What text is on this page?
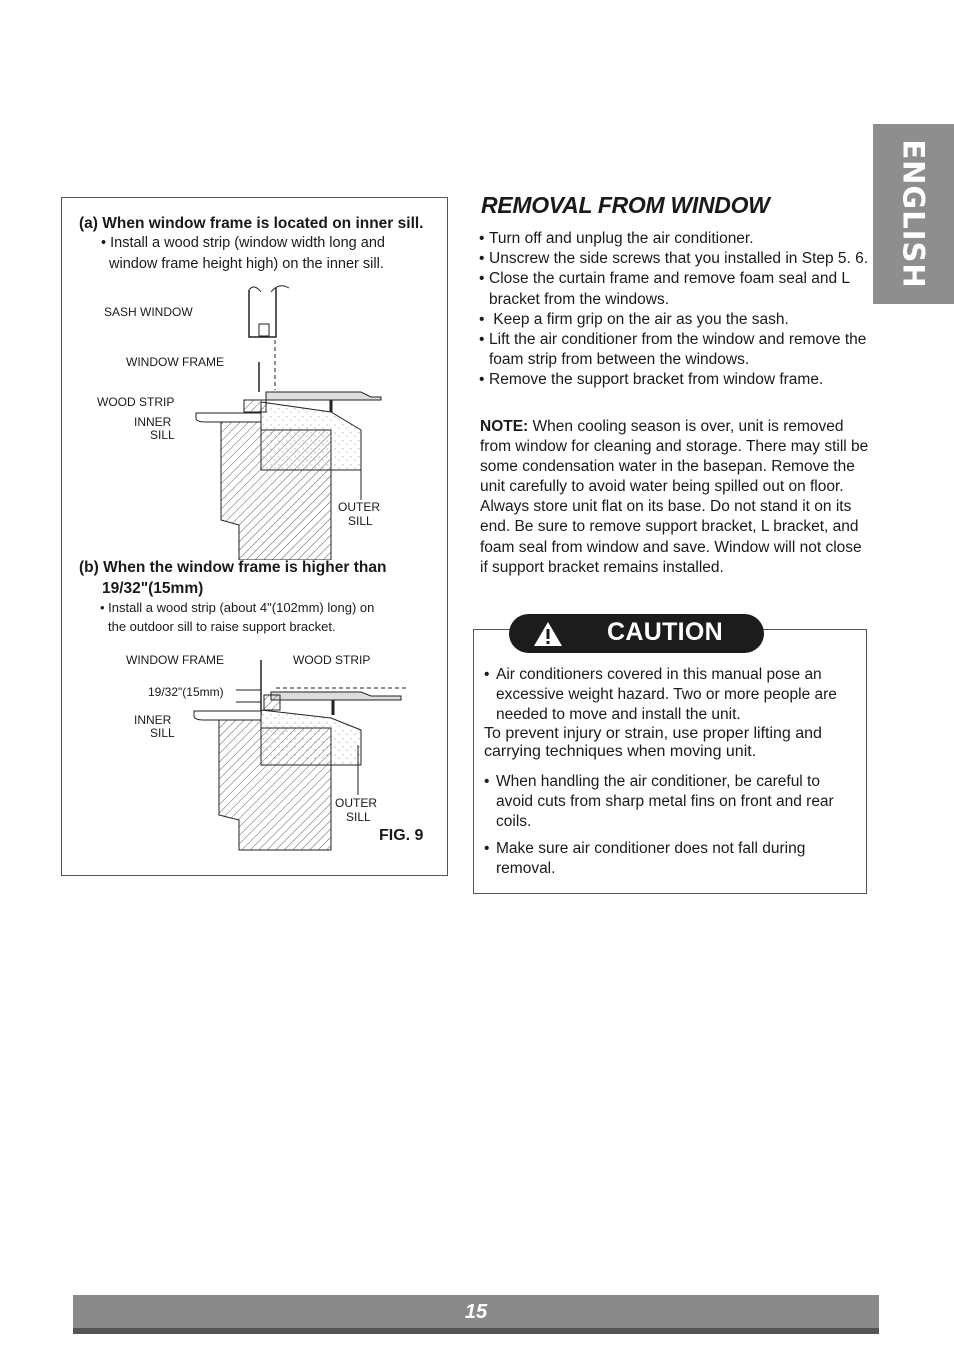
ENGLISH
(a) When window frame is located on inner sill.
• Install a wood strip (window width long and
window frame height high) on the inner sill.
SASH WINDOW
WINDOW FRAME
WOOD STRIP
INNER
SILL
OUTER
SILL
(b) When the window frame is higher than
19/32"(15mm)
• Install a wood strip (about 4"(102mm) long) on
the outdoor sill to raise support bracket.
WINDOW FRAME	WOOD STRIP
19/32"(15mm)
INNER
SILL
OUTER
SILL
FIG. 9
REMOVAL FROM WINDOW
• Turn off and unplug the air conditioner.
• Unscrew the side screws that you installed in Step 5. 6.
• Close the curtain frame and remove foam seal and L bracket from the windows.
• Keep a firm grip on the air as you the sash.
• Lift the air conditioner from the window and remove the foam strip from between the windows.
• Remove the support bracket from window frame.
NOTE: When cooling season is over, unit is removed from window for cleaning and storage. There may still be some condensation water in the basepan. Remove the unit carefully to avoid water being spilled out on floor. Always store unit flat on its base. Do not stand it on its end. Be sure to remove support bracket, L bracket, and foam seal from window and save. Window will not close if support bracket remains installed.
CAUTION
• Air conditioners covered in this manual pose an excessive weight hazard. Two or more people are needed to move and install the unit.
To prevent injury or strain, use proper lifting and carrying techniques when moving unit.
• When handling the air conditioner, be careful to avoid cuts from sharp metal fins on front and rear coils.
• Make sure air conditioner does not fall during removal.
15
